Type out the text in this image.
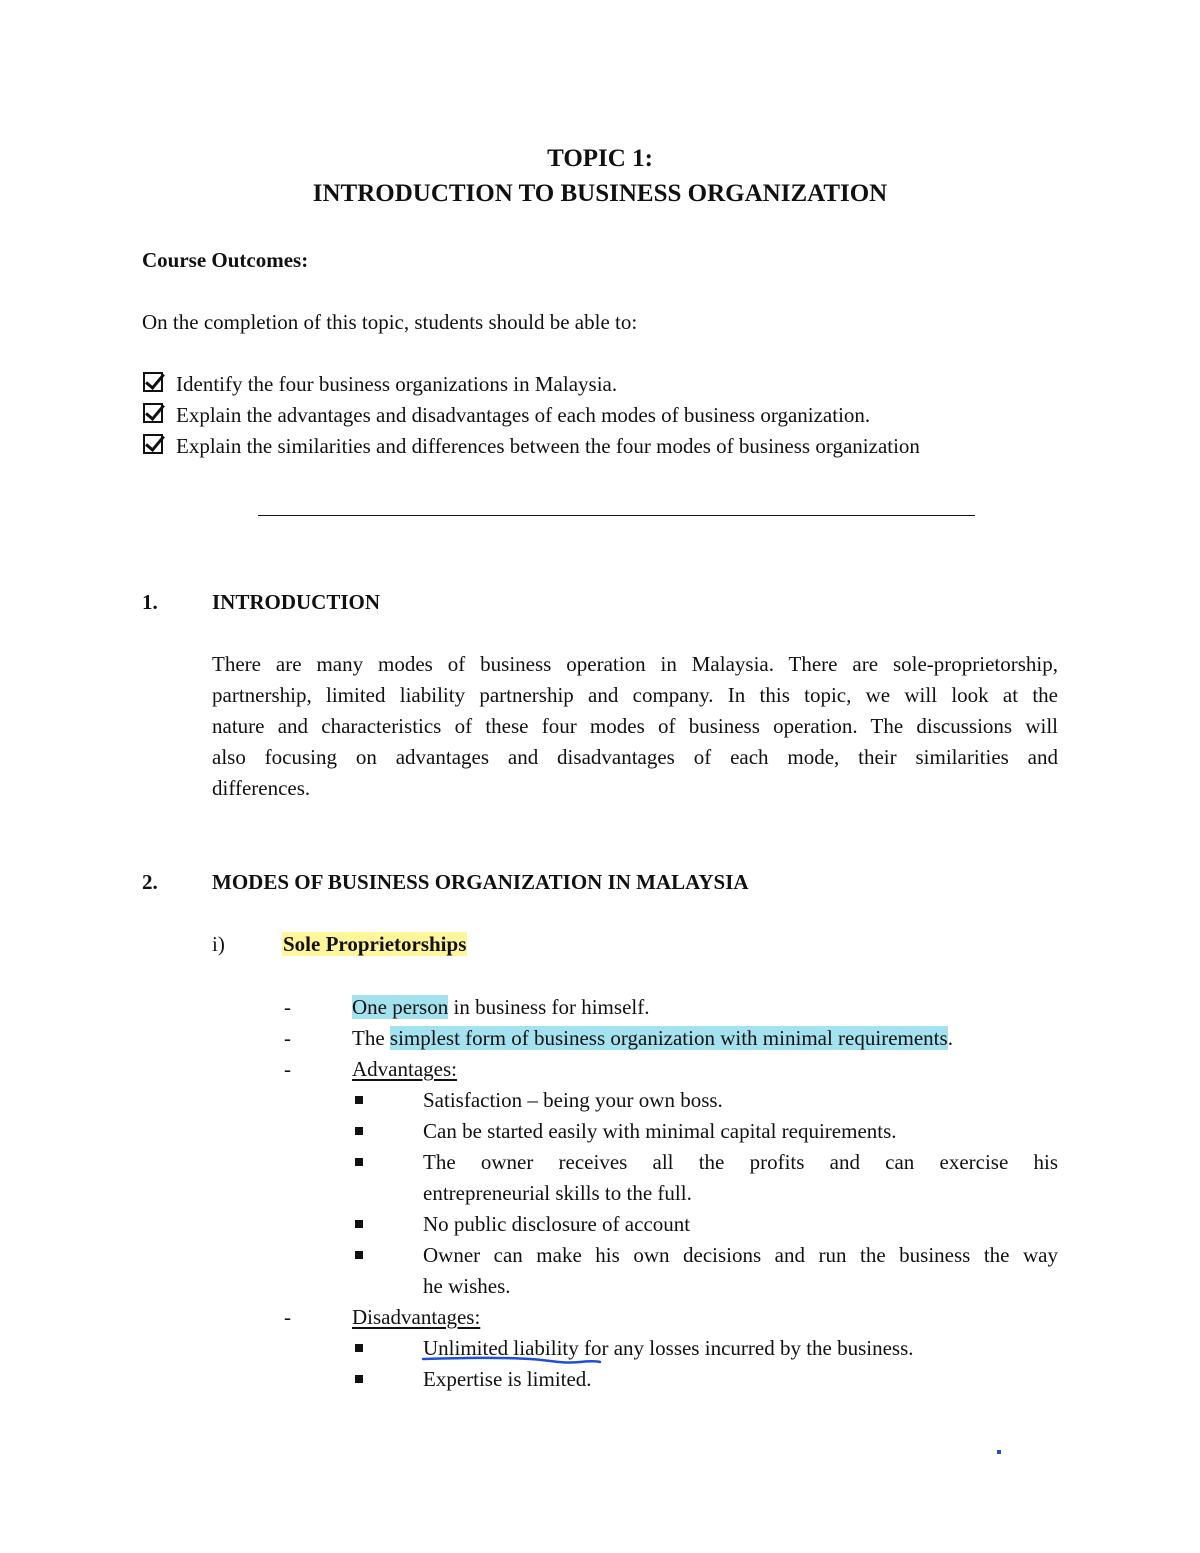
TOPIC 1:
INTRODUCTION TO BUSINESS ORGANIZATION
Course Outcomes:
On the completion of this topic, students should be able to:
Identify the four business organizations in Malaysia.
Explain the advantages and disadvantages of each modes of business organization.
Explain the similarities and differences between the four modes of business organization
1.	INTRODUCTION
There are many modes of business operation in Malaysia. There are sole-proprietorship,
partnership, limited liability partnership and company. In this topic, we will look at the
nature and characteristics of these four modes of business operation. The discussions will
also focusing on advantages and disadvantages of each mode, their similarities and
differences.
2.	MODES OF BUSINESS ORGANIZATION IN MALAYSIA
i)	Sole Proprietorships
-	One person in business for himself.
-	The simplest form of business organization with minimal requirements.
-	Advantages:
Satisfaction – being your own boss.
Can be started easily with minimal capital requirements.
The owner receives all the profits and can exercise his
entrepreneurial skills to the full.
No public disclosure of account
Owner can make his own decisions and run the business the way
he wishes.
-	Disadvantages:
Unlimited liability for any losses incurred by the business.
Expertise is limited.
